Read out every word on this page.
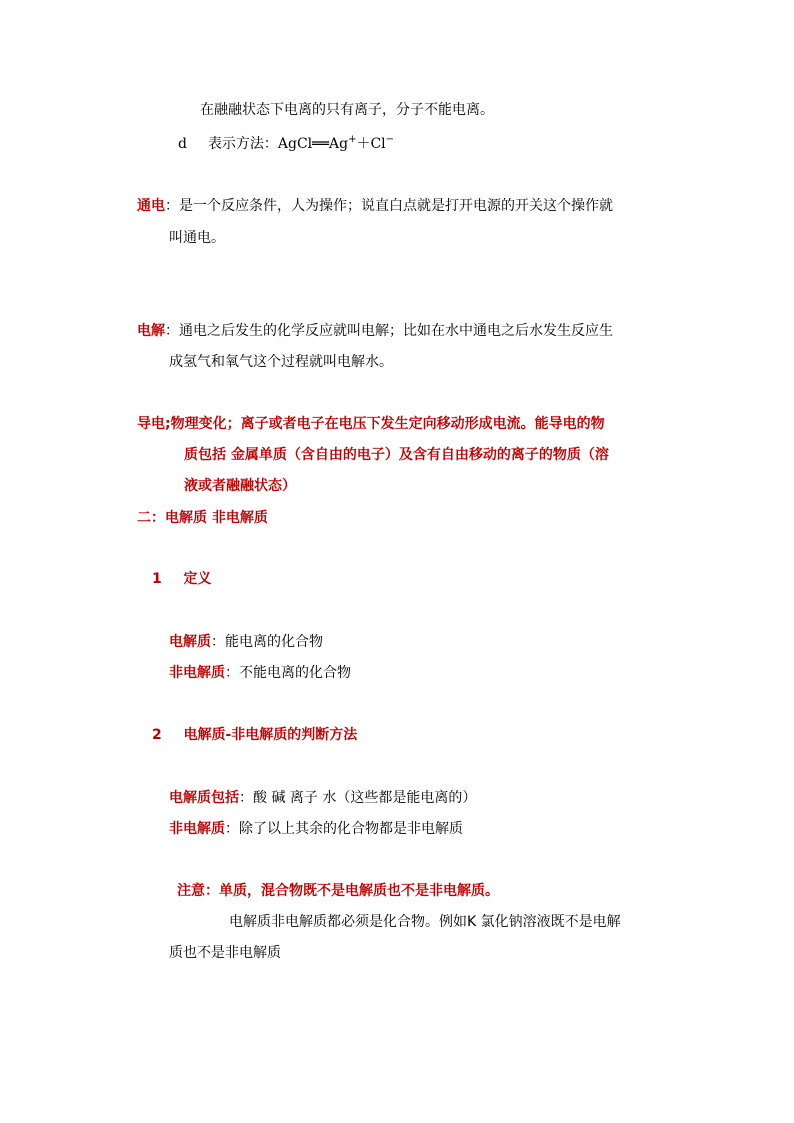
在融融状态下电离的只有离子，分子不能电离。
d 表示方法：AgCl══Ag+＋Cl−
通电：是一个反应条件，人为操作；说直白点就是打开电源的开关这个操作就
叫通电。
电解：通电之后发生的化学反应就叫电解；比如在水中通电之后水发生反应生
成氢气和氧气这个过程就叫电解水。
导电;物理变化；离子或者电子在电压下发生定向移动形成电流。能导电的物
质包括 金属单质（含自由的电子）及含有自由移动的离子的物质（溶
液或者融融状态）
二：电解质 非电解质
1 定义
电解质：能电离的化合物
非电解质：不能电离的化合物
2 电解质-非电解质的判断方法
电解质包括：酸 碱 离子 水（这些都是能电离的）
非电解质：除了以上其余的化合物都是非电解质
注意：单质，混合物既不是电解质也不是非电解质。
电解质非电解质都必须是化合物。例如K 氯化钠溶液既不是电解
质也不是非电解质
